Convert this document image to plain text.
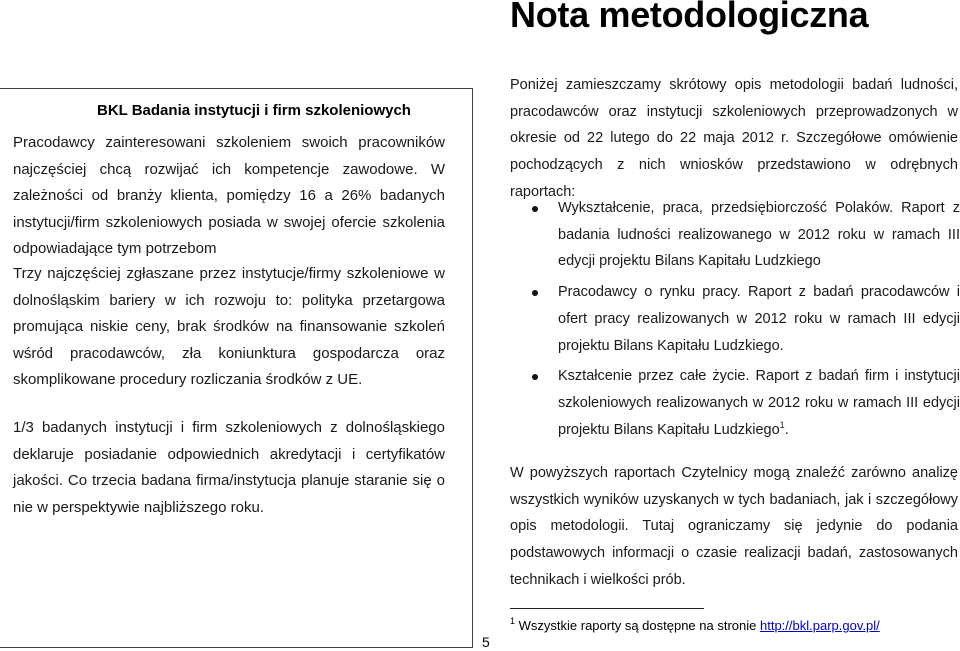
Nota metodologiczna
BKL Badania instytucji i firm szkoleniowych

Pracodawcy zainteresowani szkoleniem swoich pracowników najczęściej chcą rozwijać ich kompetencje zawodowe. W zależności od branży klienta, pomiędzy 16 a 26% badanych instytucji/firm szkoleniowych posiada w swojej ofercie szkolenia odpowiadające tym potrzebom

Trzy najczęściej zgłaszane przez instytucje/firmy szkoleniowe w dolnośląskim bariery w ich rozwoju to: polityka przetargowa promująca niskie ceny, brak środków na finansowanie szkoleń wśród pracodawców, zła koniunktura gospodarcza oraz skomplikowane procedury rozliczania środków z UE.

1/3 badanych instytucji i firm szkoleniowych z dolnośląskiego deklaruje posiadanie odpowiednich akredytacji i certyfikatów jakości. Co trzecia badana firma/instytucja planuje staranie się o nie w perspektywie najbliższego roku.

Poniżej zamieszczamy skrótowy opis metodologii badań ludności, pracodawców oraz instytucji szkoleniowych przeprowadzonych w okresie od 22 lutego do 22 maja 2012 r. Szczegółowe omówienie pochodzących z nich wniosków przedstawiono w odrębnych raportach:

Wykształcenie, praca, przedsiębiorczość Polaków. Raport z badania ludności realizowanego w 2012 roku w ramach III edycji projektu Bilans Kapitału Ludzkiego
Pracodawcy o rynku pracy. Raport z badań pracodawców i ofert pracy realizowanych w 2012 roku w ramach III edycji projektu Bilans Kapitału Ludzkiego.
Kształcenie przez całe życie. Raport z badań firm i instytucji szkoleniowych realizowanych w 2012 roku w ramach III edycji projektu Bilans Kapitału Ludzkiego$^1$.

W powyższych raportach Czytelnicy mogą znaleźć zarówno analizę wszystkich wyników uzyskanych w tych badaniach, jak i szczegółowy opis metodologii. Tutaj ograniczamy się jedynie do podania podstawowych informacji o czasie realizacji badań, zastosowanych technikach i wielkości prób.

$^1$ Wszystkie raporty są dostępne na stronie http://bkl.parp.gov.pl/

5
